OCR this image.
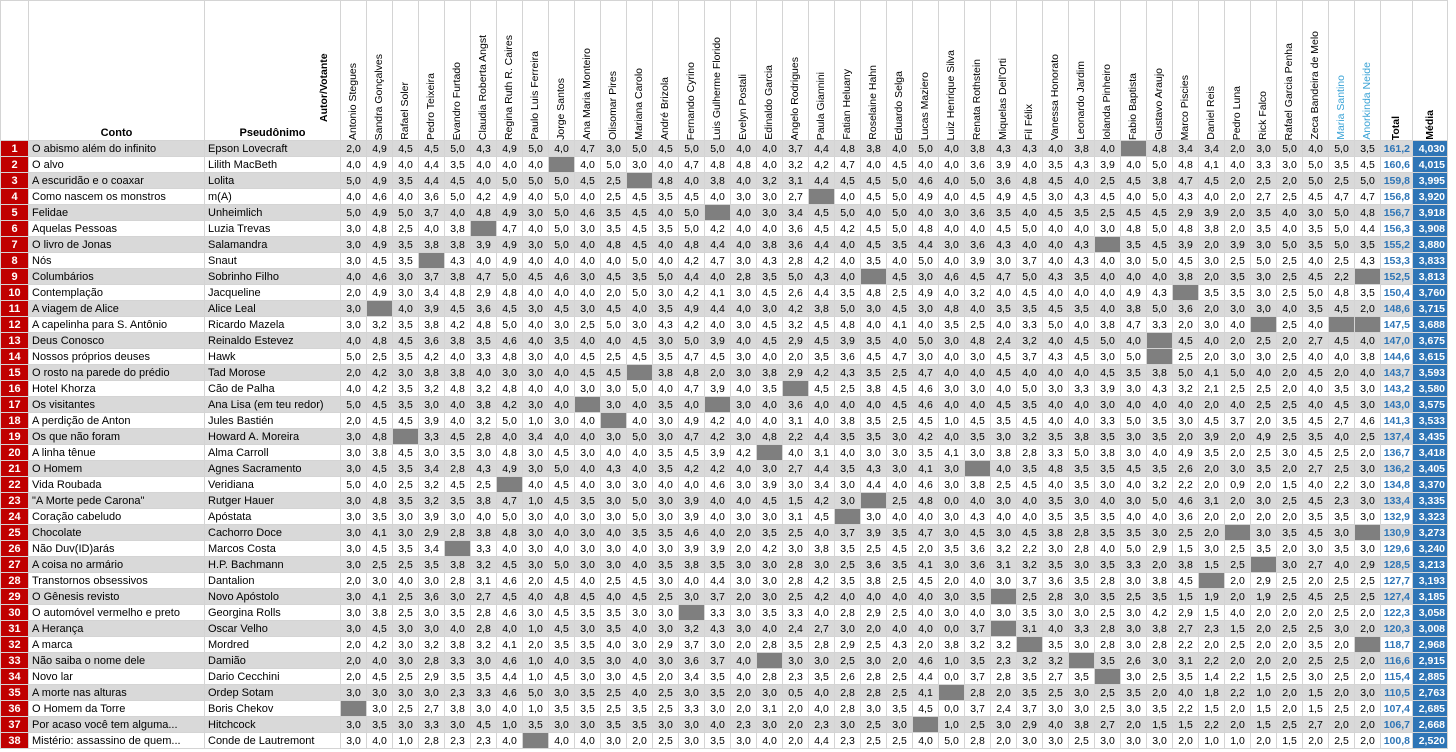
	Conto	Pseudônimo	Antonio Stegues	Sandra Gonçalves	Rafael Soler	Pedro Teixeira	Evandro Furtado	Claudia Roberta Angst	Regina Ruth R. Caires	Paulo Luis Ferreira	Jorge Santos	Ana Maria Monteiro	Olisomar Pires	Mariana Carolo	André Brizola	Fernando Cyrino	Luis Gulherme Florido	Evelyn Postali	Edinaldo Garcia	Angelo Rodrigues	Paula Giannini	Fatian Heluany	Roselaine Hahn	Eduardo Selga	Lucas Maziero	Luiz Henrique Silva	Renata Rothstein	Miquelas Dell'Orti	Fil Félix	Vanessa Honorato	Leonardo Jardim	Iolanda Pinheiro	Fabio Baptista	Gustavo Araujo	Marco Piscies	Daniel Reis	Pedro Luna	Rick Falco	Rafael Garcia Penha	Zeca Bandeira de Melo	Maria Santino	Anorkinda Neide	Total	Média

1	O abismo além do infinito	Epson Lovecraft	2,0	4,9	4,5	4,5	5,0	4,3	4,9	5,0	4,0	4,7	3,0	5,0	4,5	5,0	5,0	4,0	4,0	3,7	4,4	4,8	3,8	4,0	5,0	4,0	3,8	4,3	4,3	4,0	3,8	4,0		4,8	3,4	3,4	2,0	3,0	5,0	4,0	5,0	3,5	161,2	4,030
2	O alvo	Lilith MacBeth	4,0	4,9	4,0	4,4	3,5	4,0	4,0	4,0		4,0	5,0	3,0	4,0	4,7	4,8	4,8	4,0	3,2	4,2	4,7	4,0	4,5	4,0	4,0	3,6	3,9	4,0	3,5	4,3	3,9	4,0	5,0	4,8	4,1	4,0	3,3	3,0	5,0	3,5	4,5	160,6	4,015
3	A escuridão e o coaxar	Lolita	5,0	4,9	3,5	4,4	4,5	4,0	5,0	5,0	5,0	4,5	2,5		4,8	4,0	3,8	4,0	3,2	3,1	4,4	4,5	4,5	5,0	4,6	4,0	5,0	3,6	4,8	4,5	4,0	2,5	4,5	3,8	4,7	4,5	2,0	2,5	2,0	5,0	2,5	5,0	159,8	3,995
4	Como nascem os monstros	m(A)	4,0	4,6	4,0	3,6	5,0	4,2	4,9	4,0	5,0	4,0	2,5	4,5	3,5	4,5	4,0	3,0	3,0	2,7		4,0	4,5	5,0	4,9	4,0	4,5	4,9	4,5	3,0	4,3	4,5	4,0	5,0	4,3	4,0	2,0	2,7	2,5	4,5	4,7	4,7	156,8	3,920
5	Felidae	Unheimlich	5,0	4,9	5,0	3,7	4,0	4,8	4,9	3,0	5,0	4,6	3,5	4,5	4,0	5,0		4,0	3,0	3,4	4,5	5,0	4,0	5,0	4,0	3,0	3,6	3,5	4,0	4,5	3,5	2,5	4,5	4,5	2,9	3,9	2,0	3,5	4,0	3,0	5,0	4,8	156,7	3,918
6	Aquelas Pessoas	Luzia Trevas	3,0	4,8	2,5	4,0	3,8		4,7	4,0	5,0	3,0	3,5	4,5	3,5	5,0	4,2	4,0	4,0	3,6	4,5	4,2	4,5	5,0	4,8	4,0	4,0	4,5	5,0	4,0	4,0	3,0	4,8	5,0	4,8	3,8	2,0	3,5	4,0	3,5	5,0	4,4	156,3	3,908
7	O livro de Jonas	Salamandra	3,0	4,9	3,5	3,8	3,8	3,9	4,9	3,0	5,0	4,0	4,8	4,5	4,0	4,8	4,4	4,0	3,8	3,6	4,4	4,0	4,5	3,5	4,4	3,0	3,6	4,3	4,0	4,0	4,3		3,5	4,5	3,9	2,0	3,9	3,0	5,0	3,5	5,0	3,5	155,2	3,880
8	Nós	Snaut	3,0	4,5	3,5		4,3	4,0	4,9	4,0	4,0	4,0	4,0	5,0	4,0	4,2	4,7	3,0	4,3	2,8	4,2	4,0	3,5	4,0	5,0	4,0	3,9	3,0	3,7	4,0	4,3	4,0	3,0	5,0	4,5	3,0	2,5	5,0	2,5	4,0	2,5	4,3	153,3	3,833
9	Columbários	Sobrinho Filho	4,0	4,6	3,0	3,7	3,8	4,7	5,0	4,5	4,6	3,0	4,5	3,5	5,0	4,4	4,0	2,8	3,5	5,0	4,3	4,0		4,5	3,0	4,6	4,5	4,7	5,0	4,3	3,5	4,0	4,0	4,0	3,8	2,0	3,5	3,0	2,5	4,5	2,2		152,5	3,813
10	Contemplação	Jacqueline	2,0	4,9	3,0	3,4	4,8	2,9	4,8	4,0	4,0	4,0	2,0	5,0	3,0	4,2	4,1	3,0	4,5	2,6	4,4	3,5	4,8	2,5	4,9	4,0	3,2	4,0	4,5	4,0	4,0	4,0	4,9	4,3		3,5	3,5	3,0	2,5	5,0	4,8	3,5	150,4	3,760
11	A viagem de Alice	Alice Leal	3,0		4,0	3,9	4,5	3,6	4,5	3,0	4,5	3,0	4,5	4,0	3,5	4,9	4,4	4,0	3,0	4,2	3,8	5,0	3,0	4,5	3,0	4,8	4,0	3,5	3,5	4,5	3,5	4,0	3,8	5,0	3,6	2,0	3,0	3,0	4,0	3,5	4,5	2,0	148,6	3,715
12	A capelinha para S. Antônio	Ricardo Mazela	3,0	3,2	3,5	3,8	4,2	4,8	5,0	4,0	3,0	2,5	5,0	3,0	4,3	4,2	4,0	3,0	4,5	3,2	4,5	4,8	4,0	4,1	4,0	3,5	2,5	4,0	3,3	5,0	4,0	3,8	4,7	3,3	2,0	3,0	4,0		2,5	4,0			147,5	3,688
13	Deus Conosco	Reinaldo Estevez	4,0	4,8	4,5	3,6	3,8	3,5	4,6	4,0	3,5	4,0	4,0	4,5	3,0	5,0	3,9	4,0	4,5	2,9	4,5	3,9	3,5	4,0	5,0	3,0	4,8	2,4	3,2	4,0	4,5	5,0	4,0		4,5	4,0	2,0	2,5	2,0	2,7	4,5	4,0	147,0	3,675
14	Nossos próprios deuses	Hawk	5,0	2,5	3,5	4,2	4,0	3,3	4,8	3,0	4,0	4,5	2,5	4,5	3,5	4,7	4,5	3,0	4,0	2,0	3,5	3,6	4,5	4,7	3,0	4,0	3,0	4,5	3,7	4,3	4,5	3,0	5,0		2,5	2,0	3,0	3,0	2,5	4,0	4,0	3,8	144,6	3,615
15	O rosto na parede do prédio	Tad Morose	2,0	4,2	3,0	3,8	3,8	4,0	3,0	3,0	4,0	4,5	4,5		3,8	4,8	2,0	3,0	3,8	2,9	4,2	4,3	3,5	2,5	4,7	4,0	4,0	4,5	4,0	4,0	4,0	4,5	3,5	3,8	5,0	4,1	5,0	4,0	2,0	4,5	2,0	4,0	143,7	3,593
16	Hotel Khorza	Cão de Palha	4,0	4,2	3,5	3,2	4,8	3,2	4,8	4,0	4,0	3,0	3,0	5,0	4,0	4,7	3,9	4,0	3,5		4,5	2,5	3,8	4,5	4,6	3,0	3,0	4,0	5,0	3,0	3,3	3,9	3,0	4,3	3,2	2,1	2,5	2,5	2,0	4,0	3,5	3,0	143,2	3,580
17	Os visitantes	Ana Lisa (em teu redor)	5,0	4,5	3,5	3,0	4,0	3,8	4,2	3,0	4,0		3,0	4,0	3,5	4,0		3,0	4,0	3,6	4,0	4,0	4,0	4,5	4,6	4,0	4,0	4,5	3,5	4,0	4,0	3,0	4,0	4,0	4,0	2,0	4,0	2,5	2,5	4,0	4,5	3,0	143,0	3,575
18	A perdição de Anton	Jules Bastién	2,0	4,5	4,5	3,9	4,0	3,2	5,0	1,0	3,0	4,0		4,0	3,0	4,9	4,2	4,0	4,0	3,1	4,0	3,8	3,5	2,5	4,5	1,0	4,5	3,5	4,5	4,0	4,0	3,3	5,0	3,5	3,0	4,5	3,7	2,0	3,5	4,5	2,7	4,6	141,3	3,533
19	Os que não foram	Howard A. Moreira	3,0	4,8		3,3	4,5	2,8	4,0	3,4	4,0	4,0	3,0	5,0	3,0	4,7	4,2	3,0	4,8	2,2	4,4	3,5	3,5	3,0	4,2	4,0	3,5	3,0	3,2	3,5	3,8	3,5	3,0	3,5	2,0	3,9	2,0	4,9	2,5	3,5	4,0	2,5	137,4	3,435
20	A linha tênue	Alma Carroll	3,0	3,8	4,5	3,0	3,5	3,0	4,8	3,0	4,5	3,0	4,0	4,0	3,5	4,5	3,9	4,2		4,0	3,1	4,0	3,0	3,0	3,5	4,1	3,0	3,8	2,8	3,3	5,0	3,8	3,0	4,0	4,9	3,5	2,0	2,5	3,0	4,5	2,5	2,0	136,7	3,418
21	O Homem	Agnes Sacramento	3,0	4,5	3,5	3,4	2,8	4,3	4,9	3,0	5,0	4,0	4,3	4,0	3,5	4,2	4,2	4,0	3,0	2,7	4,4	3,5	4,3	3,0	4,1	3,0		4,0	3,5	4,8	3,5	3,5	4,5	3,5	2,6	2,0	3,0	3,5	2,0	2,7	2,5	3,0	136,2	3,405
22	Vida Roubada	Veridiana	5,0	4,0	2,5	3,2	4,5	2,5		4,0	4,5	4,0	3,0	3,0	4,0	4,0	4,6	3,0	3,9	3,0	3,4	3,0	4,4	4,0	4,6	3,0	3,8	2,5	4,5	4,0	3,5	3,0	4,0	3,2	2,2	2,0	0,9	2,0	1,5	4,0	2,2	3,0	134,8	3,370
23	"A Morte pede Carona"	Rutger Hauer	3,0	4,8	3,5	3,2	3,5	3,8	4,7	1,0	4,5	3,5	3,0	5,0	3,0	3,9	4,0	4,0	4,5	1,5	4,2	3,0		2,5	4,8	0,0	4,0	3,0	4,0	3,5	3,0	4,0	3,0	5,0	4,6	3,1	2,0	3,0	2,5	4,5	2,3	3,0	133,4	3,335
24	Coração cabeludo	Apóstata	3,0	3,5	3,0	3,9	3,0	4,0	5,0	3,0	4,0	3,0	3,0	5,0	3,0	3,9	4,0	3,0	3,0	3,1	4,5		3,0	4,0	4,0	3,0	4,3	4,0	4,0	3,5	3,5	3,5	4,0	4,0	3,6	2,0	2,0	2,0	2,0	3,5	3,5	3,0	132,9	3,323
25	Chocolate	Cachorro Doce	3,0	4,1	3,0	2,9	2,8	3,8	4,8	3,0	4,0	3,0	4,0	3,5	3,5	4,6	4,0	2,0	3,5	2,5	4,0	3,7	3,9	3,5	4,7	3,0	4,5	3,0	4,5	3,8	2,8	3,5	3,5	3,0	2,5	2,0		3,0	3,5	4,5	3,0		130,9	3,273
26	Não Duv(ID)arás	Marcos Costa	3,0	4,5	3,5	3,4		3,3	4,0	3,0	4,0	3,0	3,0	4,0	3,0	3,9	3,9	2,0	4,2	3,0	3,8	3,5	2,5	4,5	2,0	3,5	3,6	3,2	2,2	3,0	2,8	4,0	5,0	2,9	1,5	3,0	2,5	3,5	2,0	3,0	3,5	3,0	129,6	3,240
27	A coisa no armário	H.P. Bachmann	3,0	2,5	2,5	3,5	3,8	3,2	4,5	3,0	5,0	3,0	3,0	4,0	3,5	3,8	3,5	3,0	3,0	2,8	3,0	2,5	3,6	3,5	4,1	3,0	3,6	3,1	3,2	3,5	3,0	3,5	3,3	2,0	3,8	1,5	2,5		3,0	2,7	4,0	2,9	128,5	3,213
28	Transtornos obsessivos	Dantalion	2,0	3,0	4,0	3,0	2,8	3,1	4,6	2,0	4,5	4,0	2,5	4,5	3,0	4,0	4,4	3,0	3,0	2,8	4,2	3,5	3,8	2,5	4,5	2,0	4,0	3,0	3,7	3,6	3,5	2,8	3,0	3,8	4,5		2,0	2,9	2,5	2,0	2,5	2,5	127,7	3,193
29	O Gênesis revisto	Novo Apóstolo	3,0	4,1	2,5	3,6	3,0	2,7	4,5	4,0	4,8	4,5	4,0	4,5	2,5	3,0	3,7	2,0	3,0	2,5	4,2	4,0	4,0	4,0	4,0	3,0	3,5		2,5	2,8	3,0	3,5	2,5	3,5	1,5	1,9	2,0	1,9	2,5	4,5	2,5	2,5	127,4	3,185
30	O automóvel vermelho e preto	Georgina Rolls	3,0	3,8	2,5	3,0	3,5	2,8	4,6	3,0	4,5	3,5	3,5	3,0	3,0		3,3	3,0	3,5	3,3	4,0	2,8	2,9	2,5	4,0	3,0	4,0	3,0	3,5	3,0	3,0	2,5	3,0	4,2	2,9	1,5	4,0	2,0	2,0	2,0	2,5	2,0	122,3	3,058
31	A Herança	Oscar Velho	3,0	4,5	3,0	3,0	4,0	2,8	4,0	1,0	4,5	3,0	3,5	4,0	3,0	3,2	4,3	3,0	4,0	2,4	2,7	3,0	2,0	4,0	4,0	0,0	3,7		3,1	4,0	3,3	2,8	3,0	3,8	2,7	2,3	1,5	2,0	2,5	2,5	3,0	2,0	120,3	3,008
32	A marca	Mordred	2,0	4,2	3,0	3,2	3,8	3,2	4,1	2,0	3,5	3,5	4,0	3,0	2,9	3,7	3,0	2,0	2,8	3,5	2,8	2,9	2,5	4,3	2,0	3,8	3,2	3,2		3,5	3,0	2,8	3,0	2,8	2,2	2,0	2,5	2,0	2,0	3,5	2,0		118,7	2,968
33	Não saiba o nome dele	Damião	2,0	4,0	3,0	2,8	3,3	3,0	4,6	1,0	4,0	3,5	3,0	4,0	3,0	3,6	3,7	4,0		3,0	3,0	2,5	3,0	2,0	4,6	1,0	3,5	2,3	3,2	3,2		3,5	2,6	3,0	3,1	2,2	2,0	2,0	2,0	2,5	2,5	2,0	116,6	2,915
34	Novo lar	Dario Cecchini	2,0	4,5	2,5	2,9	3,5	3,5	4,4	1,0	4,5	3,0	3,0	4,5	2,0	3,4	3,5	4,0	2,8	2,3	3,5	2,6	2,8	2,5	4,4	0,0	3,7	2,8	3,5	2,7	3,5		3,0	2,5	3,5	1,4	2,2	1,5	2,5	3,0	2,5	2,0	115,4	2,885
35	A morte nas alturas	Ordep Sotam	3,0	3,0	3,0	3,0	2,3	3,3	4,6	5,0	3,0	3,5	2,5	4,0	2,5	3,0	3,5	2,0	3,0	0,5	4,0	2,8	2,8	2,5	4,1		2,8	2,0	3,5	2,5	3,0	2,5	3,5	2,0	4,0	1,8	2,2	1,0	2,0	1,5	2,0	3,0	110,5	2,763
36	O Homem da Torre	Boris Chekov		3,0	2,5	2,7	3,8	3,0	4,0	1,0	3,5	3,5	2,5	3,5	2,5	3,3	3,0	2,0	3,1	2,0	4,0	2,8	3,0	3,5	4,5	0,0	3,7	2,4	3,7	3,0	3,0	2,5	3,0	3,5	2,2	1,5	2,0	1,5	2,0	1,5	2,5	2,0	107,4	2,685
37	Por acaso você tem alguma...	Hitchcock	3,0	3,5	3,0	3,3	3,0	4,5	1,0	3,5	3,0	3,0	3,5	3,5	3,0	3,0	4,0	2,3	3,0	2,0	2,3	3,0	2,5	3,0		1,0	2,5	3,0	2,9	4,0	3,8	2,7	2,0	1,5	1,5	2,2	2,0	1,5	2,5	2,7	2,0	2,0	106,7	2,668
38	Mistério: assassino de quem...	Conde de Lautremont	3,0	4,0	1,0	2,8	2,3	2,3	4,0		4,0	4,0	3,0	2,0	2,5	3,0	3,5	3,0	4,0	2,0	4,4	2,3	2,5	2,5	4,0	5,0	2,8	2,0	3,0	3,0	2,5	3,0	3,0	3,0	2,0	1,0	1,0	2,0	1,5	2,0	2,5	2,0	100,8	2,520
Autor/Votante
